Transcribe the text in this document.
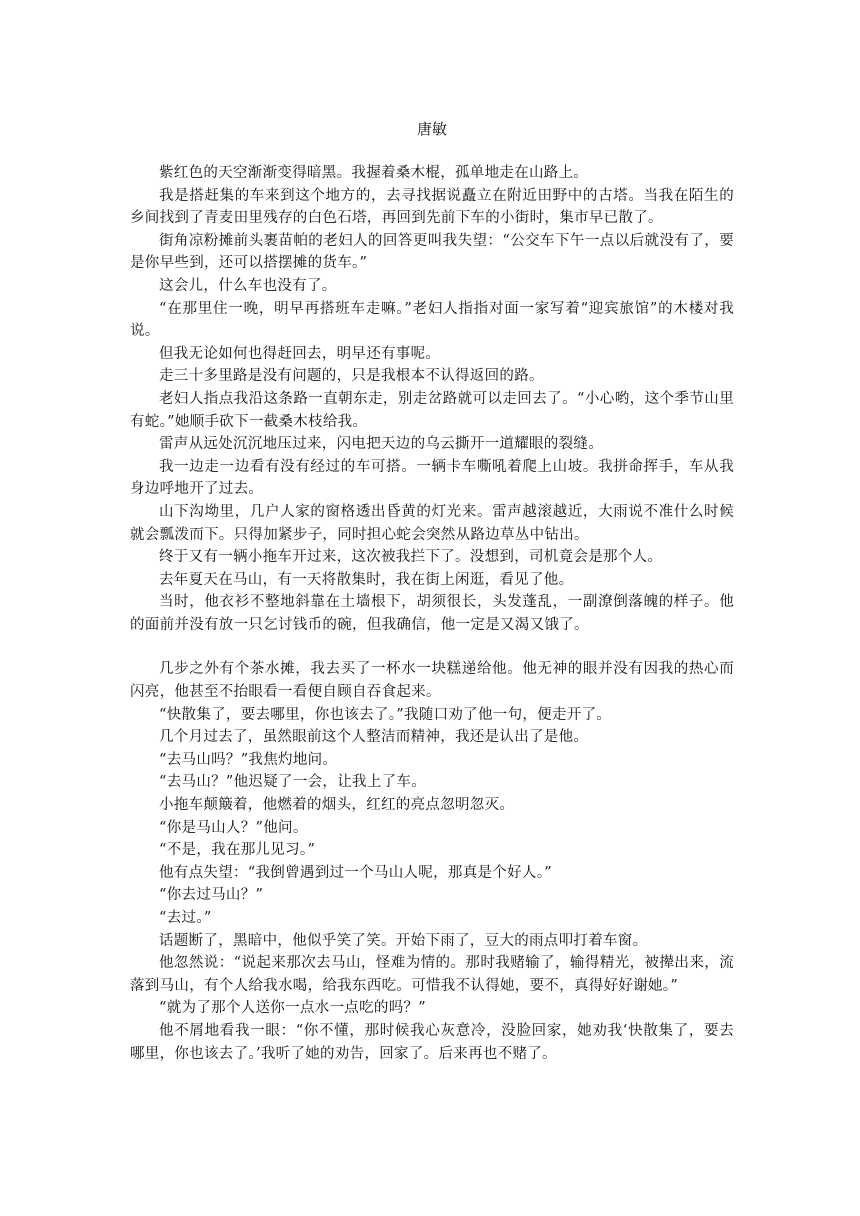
唐敏

紫红色的天空渐渐变得暗黑。我握着桑木棍，孤单地走在山路上。

我是搭赶集的车来到这个地方的，去寻找据说矗立在附近田野中的古塔。当我在陌生的乡间找到了青麦田里残存的白色石塔，再回到先前下车的小街时，集市早已散了。

街角凉粉摊前头裹苗帕的老妇人的回答更叫我失望：“公交车下午一点以后就没有了，要是你早些到，还可以搭摆摊的货车。”

这会儿，什么车也没有了。

“在那里住一晚，明早再搭班车走嘛。”老妇人指指对面一家写着“迎宾旅馆”的木楼对我说。

但我无论如何也得赶回去，明早还有事呢。

走三十多里路是没有问题的，只是我根本不认得返回的路。

老妇人指点我沿这条路一直朝东走，别走岔路就可以走回去了。“小心哟，这个季节山里有蛇。”她顺手砍下一截桑木枝给我。

雷声从远处沉沉地压过来，闪电把天边的乌云撕开一道耀眼的裂缝。

我一边走一边看有没有经过的车可搭。一辆卡车嘶吼着爬上山坡。我拼命挥手，车从我身边呼地开了过去。

山下沟坳里，几户人家的窗格透出昏黄的灯光来。雷声越滚越近，大雨说不准什么时候就会瓢泼而下。只得加紧步子，同时担心蛇会突然从路边草丛中钻出。

终于又有一辆小拖车开过来，这次被我拦下了。没想到，司机竟会是那个人。

去年夏天在马山，有一天将散集时，我在街上闲逛，看见了他。

当时，他衣衫不整地斜靠在土墙根下，胡须很长，头发蓬乱，一副潦倒落魄的样子。他的面前并没有放一只乞讨钱币的碗，但我确信，他一定是又渴又饿了。

几步之外有个茶水摊，我去买了一杯水一块糕递给他。他无神的眼并没有因我的热心而闪亮，他甚至不抬眼看一看便自顾自吞食起来。

“快散集了，要去哪里，你也该去了。”我随口劝了他一句，便走开了。

几个月过去了，虽然眼前这个人整洁而精神，我还是认出了是他。

“去马山吗？”我焦灼地问。

“去马山？”他迟疑了一会，让我上了车。

小拖车颠簸着，他燃着的烟头，红红的亮点忽明忽灭。

“你是马山人？”他问。

“不是，我在那儿见习。”

他有点失望：“我倒曾遇到过一个马山人呢，那真是个好人。”

“你去过马山？”

“去过。”

话题断了，黑暗中，他似乎笑了笑。开始下雨了，豆大的雨点叩打着车窗。

他忽然说：“说起来那次去马山，怪难为情的。那时我赌输了，输得精光，被撵出来，流落到马山，有个人给我水喝，给我东西吃。可惜我不认得她，要不，真得好好谢她。”

“就为了那个人送你一点水一点吃的吗？”

他不屑地看我一眼：“你不懂，那时候我心灰意冷，没脸回家，她劝我‘快散集了，要去哪里，你也该去了。’我听了她的劝告，回家了。后来再也不赌了。
